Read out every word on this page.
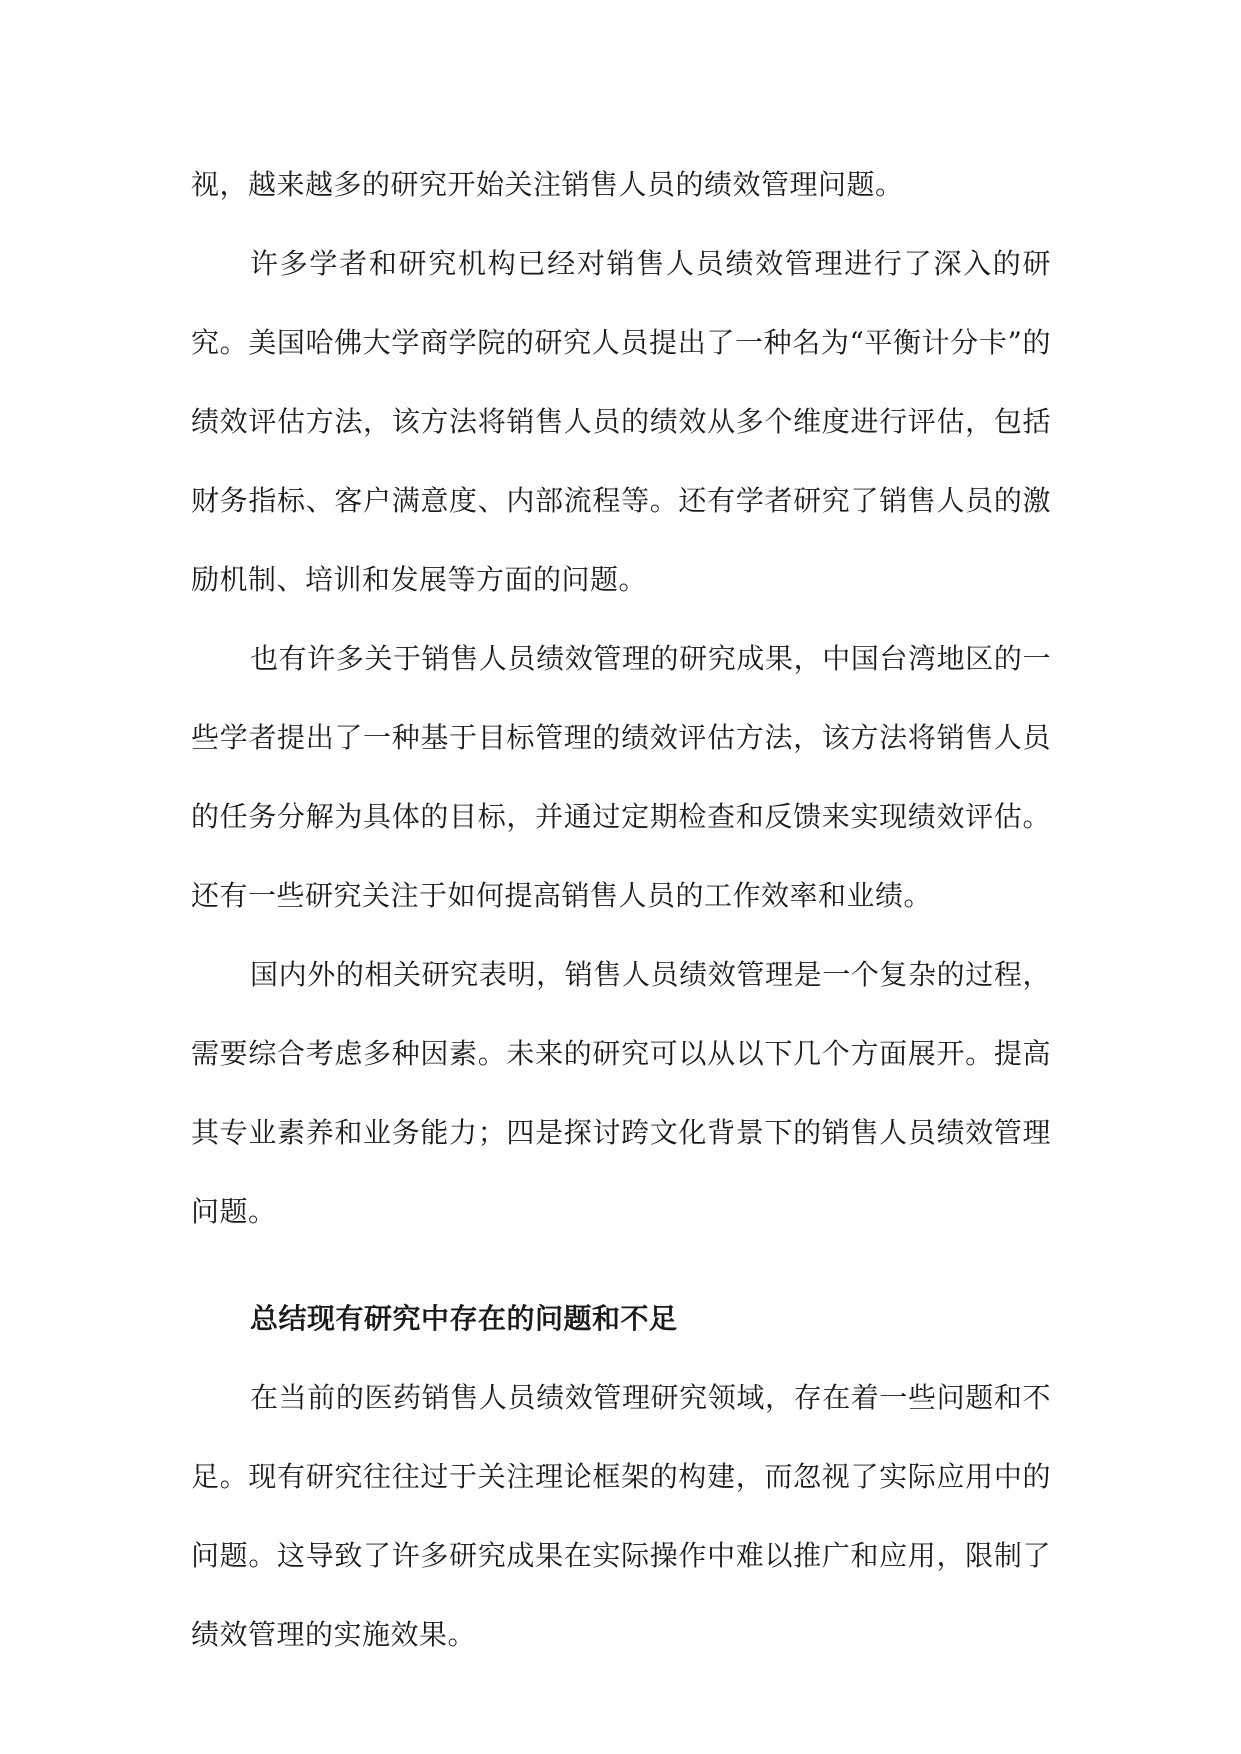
视，越来越多的研究开始关注销售人员的绩效管理问题。

许多学者和研究机构已经对销售人员绩效管理进行了深入的研究。美国哈佛大学商学院的研究人员提出了一种名为“平衡计分卡”的绩效评估方法，该方法将销售人员的绩效从多个维度进行评估，包括财务指标、客户满意度、内部流程等。还有学者研究了销售人员的激励机制、培训和发展等方面的问题。

也有许多关于销售人员绩效管理的研究成果，中国台湾地区的一些学者提出了一种基于目标管理的绩效评估方法，该方法将销售人员的任务分解为具体的目标，并通过定期检查和反馈来实现绩效评估。还有一些研究关注于如何提高销售人员的工作效率和业绩。

国内外的相关研究表明，销售人员绩效管理是一个复杂的过程，需要综合考虑多种因素。未来的研究可以从以下几个方面展开。提高其专业素养和业务能力；四是探讨跨文化背景下的销售人员绩效管理问题。

总结现有研究中存在的问题和不足

在当前的医药销售人员绩效管理研究领域，存在着一些问题和不足。现有研究往往过于关注理论框架的构建，而忽视了实际应用中的问题。这导致了许多研究成果在实际操作中难以推广和应用，限制了绩效管理的实施效果。
